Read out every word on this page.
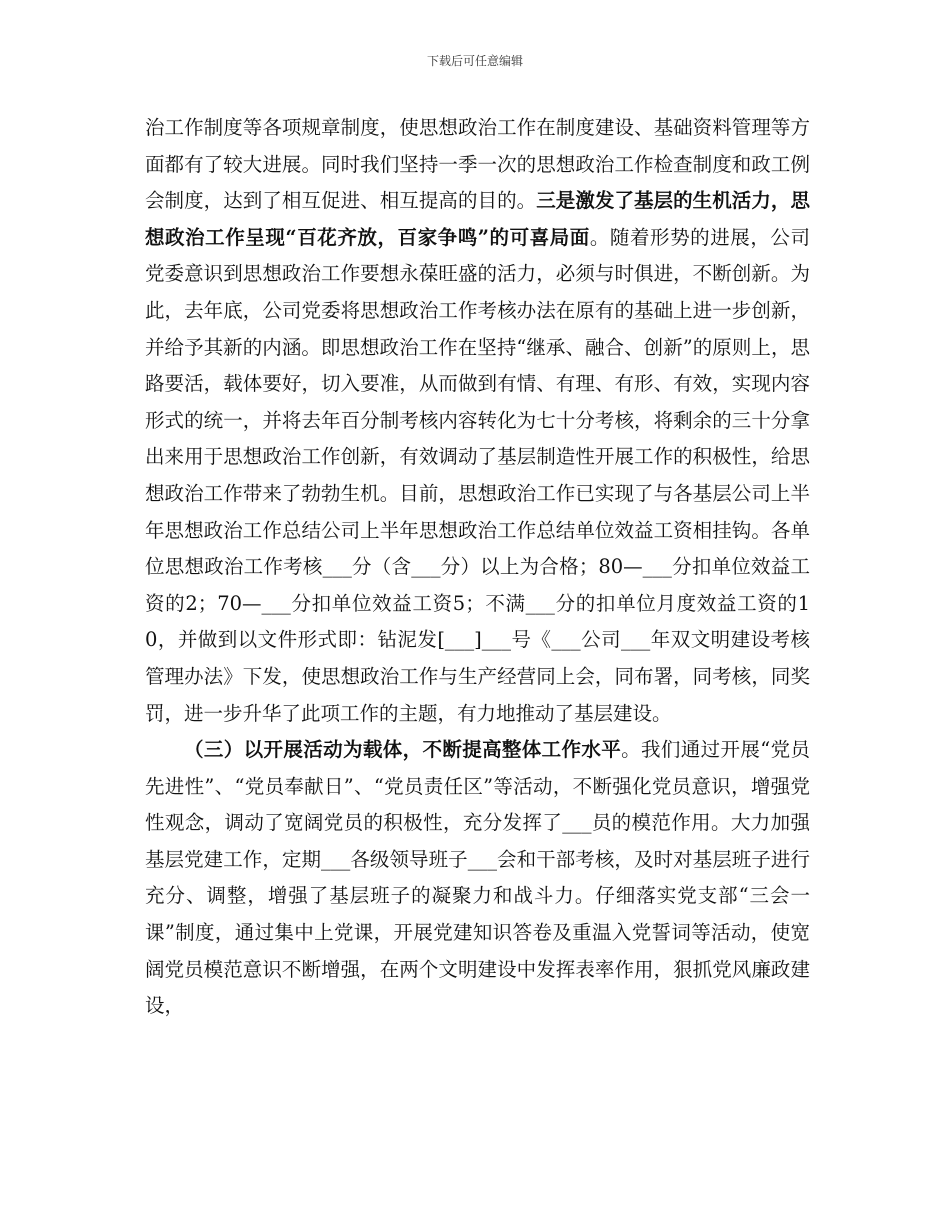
下载后可任意编辑

治工作制度等各项规章制度，使思想政治工作在制度建设、基础资料管理等方面都有了较大进展。同时我们坚持一季一次的思想政治工作检查制度和政工例会制度，达到了相互促进、相互提高的目的。三是激发了基层的生机活力，思想政治工作呈现“百花齐放，百家争鸣”的可喜局面。随着形势的进展，公司党委意识到思想政治工作要想永葆旺盛的活力，必须与时俱进，不断创新。为此，去年底，公司党委将思想政治工作考核办法在原有的基础上进一步创新，并给予其新的内涵。即思想政治工作在坚持“继承、融合、创新”的原则上，思路要活，载体要好，切入要准，从而做到有情、有理、有形、有效，实现内容形式的统一，并将去年百分制考核内容转化为七十分考核，将剩余的三十分拿出来用于思想政治工作创新，有效调动了基层制造性开展工作的积极性，给思想政治工作带来了勃勃生机。目前，思想政治工作已实现了与各基层公司上半年思想政治工作总结公司上半年思想政治工作总结单位效益工资相挂钩。各单位思想政治工作考核___分（含___分）以上为合格；80—___分扣单位效益工资的2；70—___分扣单位效益工资5；不满___分的扣单位月度效益工资的10，并做到以文件形式即：钻泥发[___]___号《___公司___年双文明建设考核管理办法》下发，使思想政治工作与生产经营同上会，同布署，同考核，同奖罚，进一步升华了此项工作的主题，有力地推动了基层建设。

（三）以开展活动为载体，不断提高整体工作水平。我们通过开展“党员先进性”、“党员奉献日”、“党员责任区”等活动，不断强化党员意识，增强党性观念，调动了宽阔党员的积极性，充分发挥了___员的模范作用。大力加强基层党建工作，定期___各级领导班子___会和干部考核，及时对基层班子进行充分、调整，增强了基层班子的凝聚力和战斗力。仔细落实党支部“三会一课”制度，通过集中上党课，开展党建知识答卷及重温入党誓词等活动，使宽阔党员模范意识不断增强，在两个文明建设中发挥表率作用，狠抓党风廉政建设，
